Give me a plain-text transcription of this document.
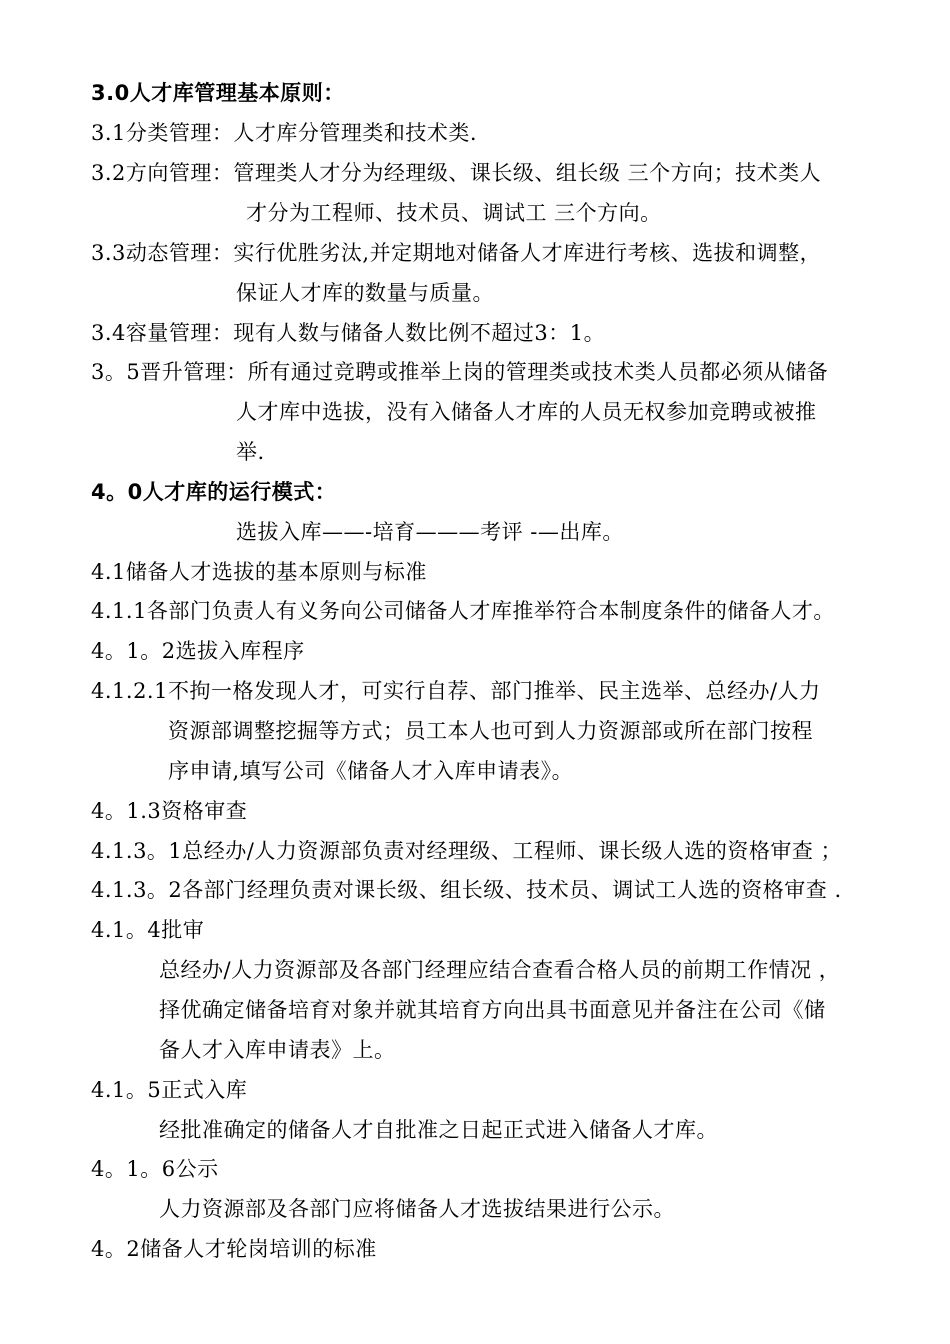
3.0人才库管理基本原则：
3.1分类管理：人才库分管理类和技术类.
3.2方向管理：管理类人才分为经理级、课长级、组长级 三个方向；技术类人
才分为工程师、技术员、调试工 三个方向。
3.3动态管理：实行优胜劣汰,并定期地对储备人才库进行考核、选拔和调整，
保证人才库的数量与质量。
3.4容量管理：现有人数与储备人数比例不超过3：1。
3。5晋升管理：所有通过竞聘或推举上岗的管理类或技术类人员都必须从储备
人才库中选拔，没有入储备人才库的人员无权参加竞聘或被推
举.
4。0人才库的运行模式：
选拔入库——-培育———考评 -—出库。
4.1储备人才选拔的基本原则与标准
4.1.1各部门负责人有义务向公司储备人才库推举符合本制度条件的储备人才。
4。1。2选拔入库程序
4.1.2.1不拘一格发现人才，可实行自荐、部门推举、民主选举、总经办/人力
资源部调整挖掘等方式；员工本人也可到人力资源部或所在部门按程
序申请,填写公司《储备人才入库申请表》。
4。1.3资格审查
4.1.3。1总经办/人力资源部负责对经理级、工程师、课长级人选的资格审查 ；
4.1.3。2各部门经理负责对课长级、组长级、技术员、调试工人选的资格审查 .
4.1。4批审
总经办/人力资源部及各部门经理应结合查看合格人员的前期工作情况 ，
择优确定储备培育对象并就其培育方向出具书面意见并备注在公司《储
备人才入库申请表》上。
4.1。5正式入库
经批准确定的储备人才自批准之日起正式进入储备人才库。
4。1。6公示
人力资源部及各部门应将储备人才选拔结果进行公示。
4。2储备人才轮岗培训的标准
